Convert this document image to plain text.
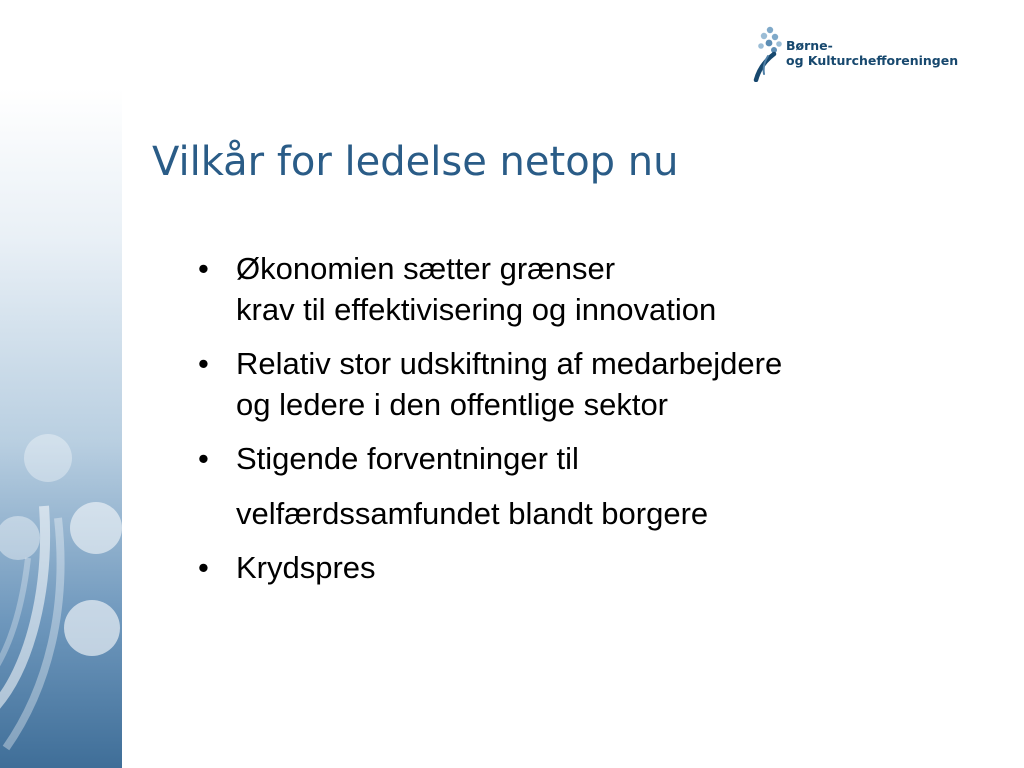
Børne-
og Kulturchefforeningen
Vilkår for ledelse netop nu
• Økonomien sætter grænser
krav til effektivisering og innovation
• Relativ stor udskiftning af medarbejdere
og ledere i den offentlige sektor
• Stigende forventninger til
velfærdssamfundet blandt borgere
• Krydspres
